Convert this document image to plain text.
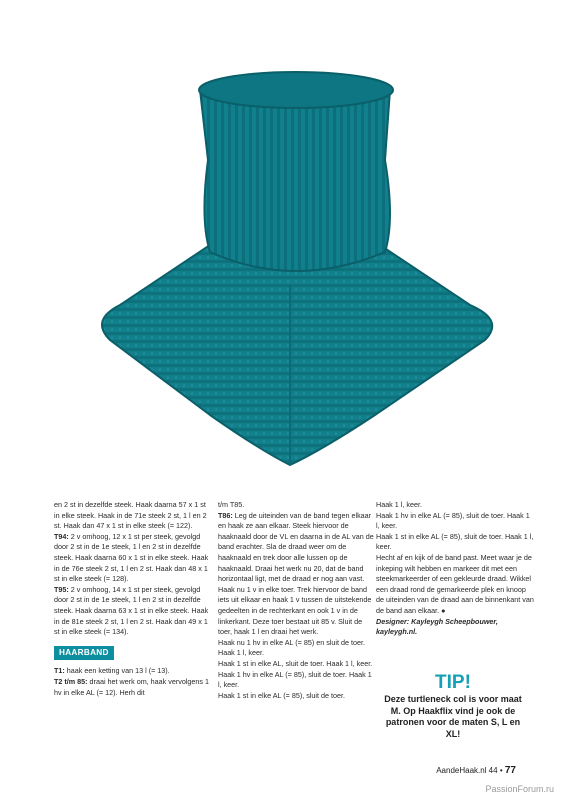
en 2 st in dezelfde steek. Haak daarna 57 x 1 st in elke steek. Haak in de 71e steek 2 st, 1 l en 2 st. Haak dan 47 x 1 st in elke steek (= 122).

T94: 2 v omhoog, 12 x 1 st per steek, gevolgd door 2 st in de 1e steek, 1 l en 2 st in dezelfde steek. Haak daarna 60 x 1 st in elke steek. Haak in de 76e steek 2 st, 1 l en 2 st. Haak dan 48 x 1 st in elke steek (= 128).

T95: 2 v omhoog, 14 x 1 st per steek, gevolgd door 2 st in de 1e steek, 1 l en 2 st in dezelfde steek. Haak daarna 63 x 1 st in elke steek. Haak in de 81e steek 2 st, 1 l en 2 st. Haak dan 49 x 1 st in elke steek (= 134).

HAARBAND

T1: haak een ketting van 13 l (= 13).

T2 t/m 85: draai het werk om, haak vervolgens 1 hv in elke AL (= 12). Herh dit

t/m T85.

T86: Leg de uiteinden van de band tegen elkaar en haak ze aan elkaar. Steek hiervoor de haaknaald door de VL en daarna in de AL van de band erachter. Sla de draad weer om de haaknaald en trek door alle lussen op de haaknaald. Draai het werk nu 20, dat de band horizontaal ligt, met de draad er nog aan vast. Haak nu 1 v in elke toer. Trek hiervoor de band iets uit elkaar en haak 1 v tussen de uitstekende gedeelten in de rechterkant en ook 1 v in de linkerkant. Deze toer bestaat uit 85 v. Sluit de toer, haak 1 l en draai het werk.

Haak nu 1 hv in elke AL (= 85) en sluit de toer. Haak 1 l, keer.

Haak 1 st in elke AL, sluit de toer. Haak 1 l, keer.

Haak 1 hv in elke AL (= 85), sluit de toer. Haak 1 l, keer.

Haak 1 st in elke AL (= 85), sluit de toer.

Haak 1 l, keer.

Haak 1 hv in elke AL (= 85), sluit de toer. Haak 1 l, keer.

Haak 1 st in elke AL (= 85), sluit de toer. Haak 1 l, keer.

Hecht af en kijk of de band past. Meet waar je de inkeping wilt hebben en markeer dit met een steekmarkeerder of een gekleurde draad. Wikkel een draad rond de gemarkeerde plek en knoop de uiteinden van de draad aan de binnenkant van de band aan elkaar. ●

Designer: Kayleygh Scheepbouwer, kayleygh.nl.

TIP!
Deze turtleneck col is voor maat M. Op Haakflix vind je ook de patronen voor de maten S, L en XL!
AandeHaak.nl 44 • 77
PassionForum.ru
